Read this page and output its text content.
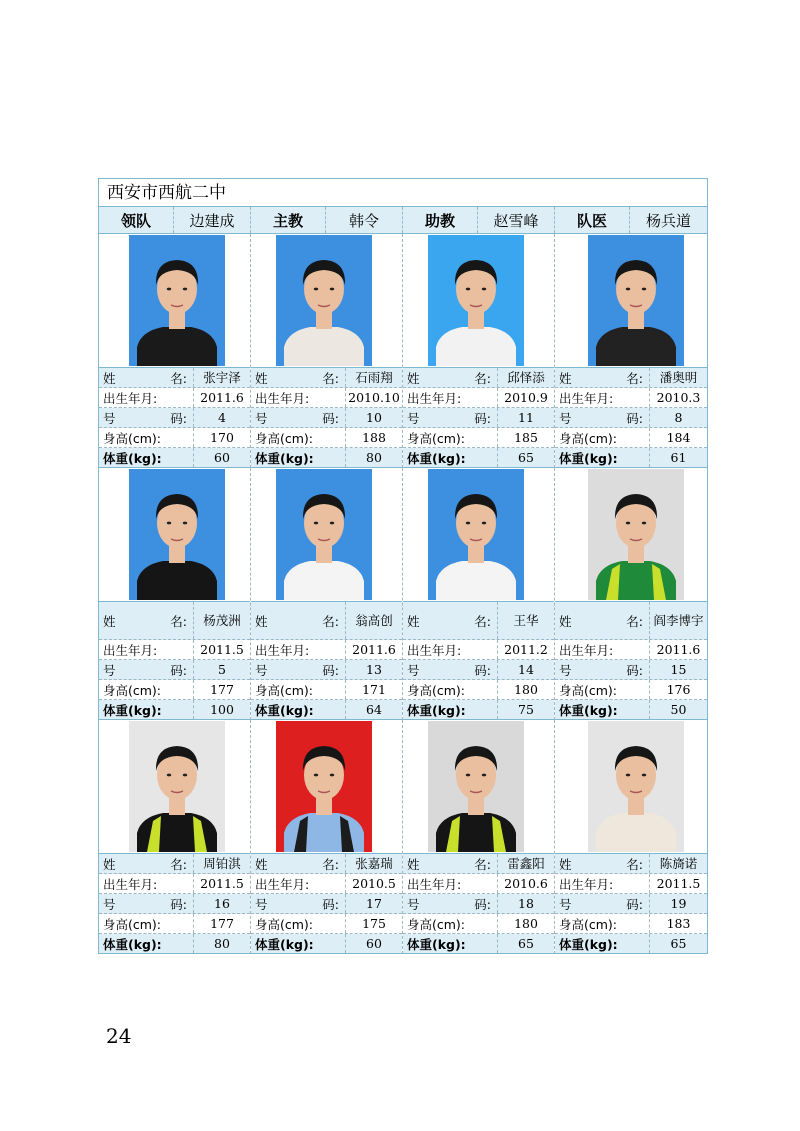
西安市西航二中
领队	边建成	主教	韩令	助教	赵雪峰	队医	杨兵道
姓	名:	张宇泽
出生年月:	2011.6
号	码:	4
身高(cm):	170
体重(kg):	60
姓	名:	石雨翔
出生年月:	2010.10
号	码:	10
身高(cm):	188
体重(kg):	80
姓	名:	邱怿添
出生年月:	2010.9
号	码:	11
身高(cm):	185
体重(kg):	65
姓	名:	潘奥明
出生年月:	2010.3
号	码:	8
身高(cm):	184
体重(kg):	61
姓	名:	杨茂洲
出生年月:	2011.5
号	码:	5
身高(cm):	177
体重(kg):	100
姓	名:	翁高创
出生年月:	2011.6
号	码:	13
身高(cm):	171
体重(kg):	64
姓	名:	王华
出生年月:	2011.2
号	码:	14
身高(cm):	180
体重(kg):	75
姓	名: 阎李博宇
出生年月:	2011.6
号	码:	15
身高(cm):	176
体重(kg):	50
姓	名:	周铂淇
出生年月:	2011.5
号	码:	16
身高(cm):	177
体重(kg):	80
姓	名:	张嘉瑞
出生年月:	2010.5
号	码:	17
身高(cm):	175
体重(kg):	60
姓	名:	雷鑫阳
出生年月:	2010.6
号	码:	18
身高(cm):	180
体重(kg):	65
姓	名:	陈旖诺
出生年月:	2011.5
号	码:	19
身高(cm):	183
体重(kg):	65
24
